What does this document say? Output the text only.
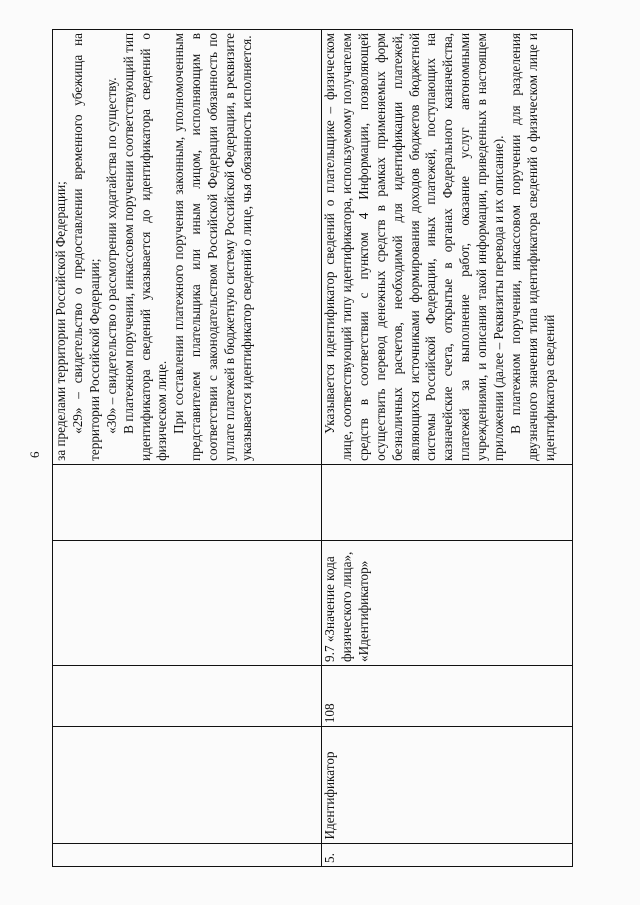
6

					за пределами территории Российской Федерации; «29» – свидетельство о предоставлении временного убежища на территории Российской Федерации; «30» – свидетельство о рассмотрении ходатайства по существу. В платежном поручении, инкассовом поручении соответствующий тип идентификатора сведений указывается до идентификатора сведений о физическом лице. При составлении платежного поручения законным, уполномоченным представителем плательщика или иным лицом, исполняющим в соответствии с законодательством Российской Федерации обязанность по уплате платежей в бюджетную систему Российской Федерации, в реквизите указывается идентификатор сведений о лице, чья обязанность исполняется.

5.	Идентификатор	108	9.7 «Значение кода физического лица», «Идентификатор»		Указывается идентификатор сведений о плательщике – физическом лице, соответствующий типу идентификатора, используемому получателем средств в соответствии с пунктом 4 Информации, позволяющей осуществить перевод денежных средств в рамках применяемых форм безналичных расчетов, необходимой для идентификации платежей, являющихся источниками формирования доходов бюджетов бюджетной системы Российской Федерации, иных платежей, поступающих на казначейские счета, открытые в органах Федерального казначейства, платежей за выполнение работ, оказание услуг автономными учреждениями, и описания такой информации, приведенных в настоящем приложении (далее – Реквизиты перевода и их описание). В платежном поручении, инкассовом поручении для разделения двузначного значения типа идентификатора сведений о физическом лице и идентификатора сведений
